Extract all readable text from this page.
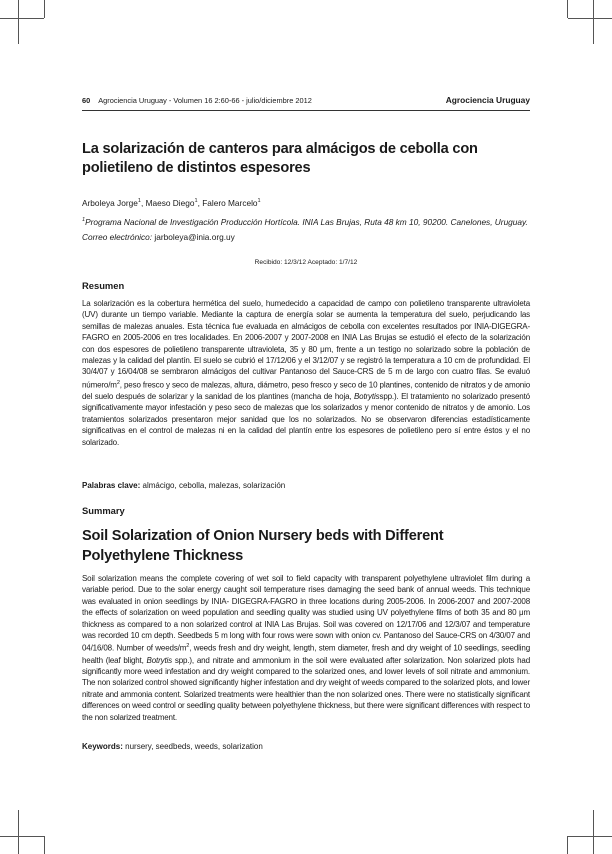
60 Agrociencia Uruguay - Volumen 16 2:60-66 - julio/diciembre 2012	Agrociencia Uruguay
La solarización de canteros para almácigos de cebolla con polietileno de distintos espesores
Arboleya Jorge$^1$, Maeso Diego$^1$, Falero Marcelo$^1$
$^1$Programa Nacional de Investigación Producción Hortícola. INIA Las Brujas, Ruta 48 km 10, 90200. Canelones, Uruguay. Correo electrónico: jarboleya@inia.org.uy
Recibido: 12/3/12 Aceptado: 1/7/12
Resumen

La solarización es la cobertura hermética del suelo, humedecido a capacidad de campo con polietileno transparente ultravioleta (UV) durante un tiempo variable. Mediante la captura de energía solar se aumenta la temperatura del suelo, perjudicando las semillas de malezas anuales. Esta técnica fue evaluada en almácigos de cebolla con excelentes resultados por INIA-DIGEGRA-FAGRO en 2005-2006 en tres localidades. En 2006-2007 y 2007-2008 en INIA Las Brujas se estudió el efecto de la solarización con dos espesores de polietileno transparente ultravioleta, 35 y 80 μm, frente a un testigo no solarizado sobre la población de malezas y la calidad del plantín. El suelo se cubrió el 17/12/06 y el 3/12/07 y se registró la temperatura a 10 cm de profundidad. El 30/4/07 y 16/04/08 se sembraron almácigos del cultivar Pantanoso del Sauce-CRS de 5 m de largo con cuatro filas. Se evaluó número/$m^2$, peso fresco y seco de malezas, altura, diámetro, peso fresco y seco de 10 plantines, contenido de nitratos y de amonio del suelo después de solarizar y la sanidad de los plantines (mancha de hoja, Botrytisspp.). El tratamiento no solarizado presentó significativamente mayor infestación y peso seco de malezas que los solarizados y menor contenido de nitratos y de amonio. Los tratamientos solarizados presentaron mejor sanidad que los no solarizados. No se observaron diferencias estadísticamente significativas en el control de malezas ni en la calidad del plantín entre los espesores de polietileno pero sí entre éstos y el no solarizado.

Palabras clave: almácigo, cebolla, malezas, solarización
Summary
Soil Solarization of Onion Nursery beds with Different Polyethylene Thickness

Soil solarization means the complete covering of wet soil to field capacity with transparent polyethylene ultraviolet film during a variable period. Due to the solar energy caught soil temperature rises damaging the seed bank of annual weeds. This technique was evaluated in onion seedlings by INIA- DIGEGRA-FAGRO in three locations during 2005-2006. In 2006-2007 and 2007-2008 the effects of solarization on weed population and seedling quality was studied using UV polyethylene films of both 35 and 80 μm thickness as compared to a non solarized control at INIA Las Brujas. Soil was covered on 12/17/06 and 12/3/07 and temperature was recorded 10 cm depth. Seedbeds 5 m long with four rows were sown with onion cv. Pantanoso del Sauce-CRS on 4/30/07 and 04/16/08. Number of weeds/$m^2$, weeds fresh and dry weight, length, stem diameter, fresh and dry weight of 10 seedlings, seedling health (leaf blight, Botrytis spp.), and nitrate and ammonium in the soil were evaluated after solarization. Non solarized plots had significantly more weed infestation and dry weight compared to the solarized ones, and lower levels of soil nitrate and ammonium. The non solarized control showed significantly higher infestation and dry weight of weeds compared to the solarized plots, and lower nitrate and ammonia content. Solarized treatments were healthier than the non solarized ones. There were no statistically significant differences on weed control or seedling quality between polyethylene thickness, but there were significant differences with respect to the non solarized treatment.

Keywords: nursery, seedbeds, weeds, solarization
